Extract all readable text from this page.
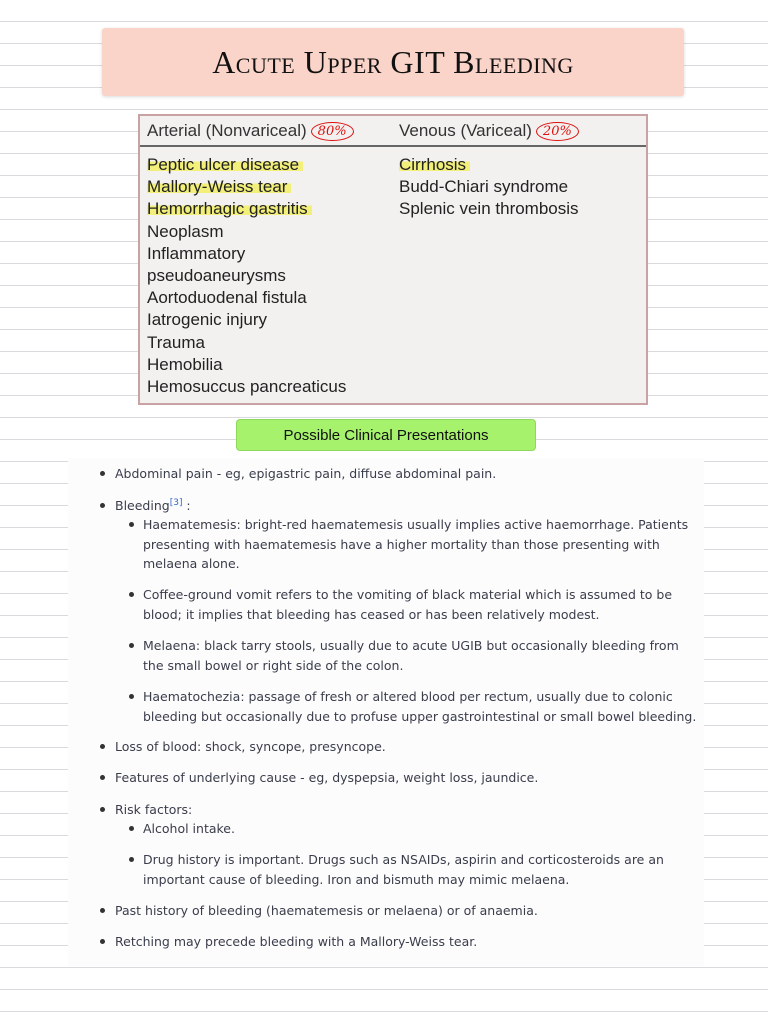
Acute Upper GIT Bleeding
Arterial (Nonvariceal) 80%
Peptic ulcer disease
Mallory-Weiss tear
Hemorrhagic gastritis
Neoplasm
Inflammatory
pseudoaneurysms
Aortoduodenal fistula
Iatrogenic injury
Trauma
Hemobilia
Hemosuccus pancreaticus
Venous (Variceal) 20%
Cirrhosis
Budd-Chiari syndrome
Splenic vein thrombosis
Possible Clinical Presentations
Abdominal pain - eg, epigastric pain, diffuse abdominal pain.
Bleeding[3] :
Haematemesis: bright-red haematemesis usually implies active haemorrhage. Patients presenting with haematemesis have a higher mortality than those presenting with melaena alone.
Coffee-ground vomit refers to the vomiting of black material which is assumed to be blood; it implies that bleeding has ceased or has been relatively modest.
Melaena: black tarry stools, usually due to acute UGIB but occasionally bleeding from the small bowel or right side of the colon.
Haematochezia: passage of fresh or altered blood per rectum, usually due to colonic bleeding but occasionally due to profuse upper gastrointestinal or small bowel bleeding.
Loss of blood: shock, syncope, presyncope.
Features of underlying cause - eg, dyspepsia, weight loss, jaundice.
Risk factors:
Alcohol intake.
Drug history is important. Drugs such as NSAIDs, aspirin and corticosteroids are an important cause of bleeding. Iron and bismuth may mimic melaena.
Past history of bleeding (haematemesis or melaena) or of anaemia.
Retching may precede bleeding with a Mallory-Weiss tear.
